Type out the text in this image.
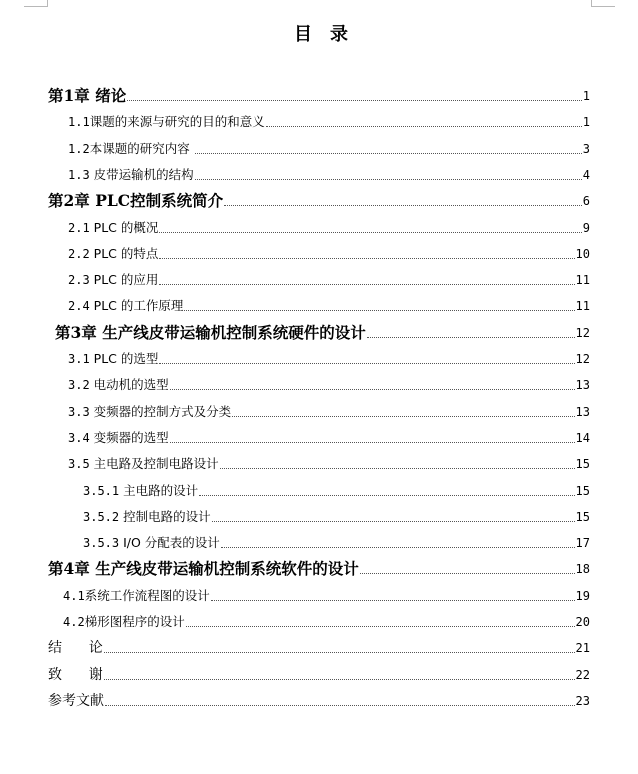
目 录
第1章 绪论	1
1.1课题的来源与研究的目的和意义	1
1.2本课题的研究内容	3
1.3 皮带运输机的结构	4
第2章 PLC控制系统简介	6
2.1 PLC 的概况	9
2.2 PLC 的特点	10
2.3 PLC 的应用	11
2.4 PLC 的工作原理	11
第3章 生产线皮带运输机控制系统硬件的设计	12
3.1 PLC 的选型	12
3.2 电动机的选型	13
3.3 变频器的控制方式及分类	13
3.4 变频器的选型	14
3.5 主电路及控制电路设计	15
3.5.1 主电路的设计	15
3.5.2 控制电路的设计	15
3.5.3 I/O 分配表的设计	17
第4章 生产线皮带运输机控制系统软件的设计	18
4.1系统工作流程图的设计	19
4.2梯形图程序的设计	20
结      论	21
致      谢	22
参考文献	23
